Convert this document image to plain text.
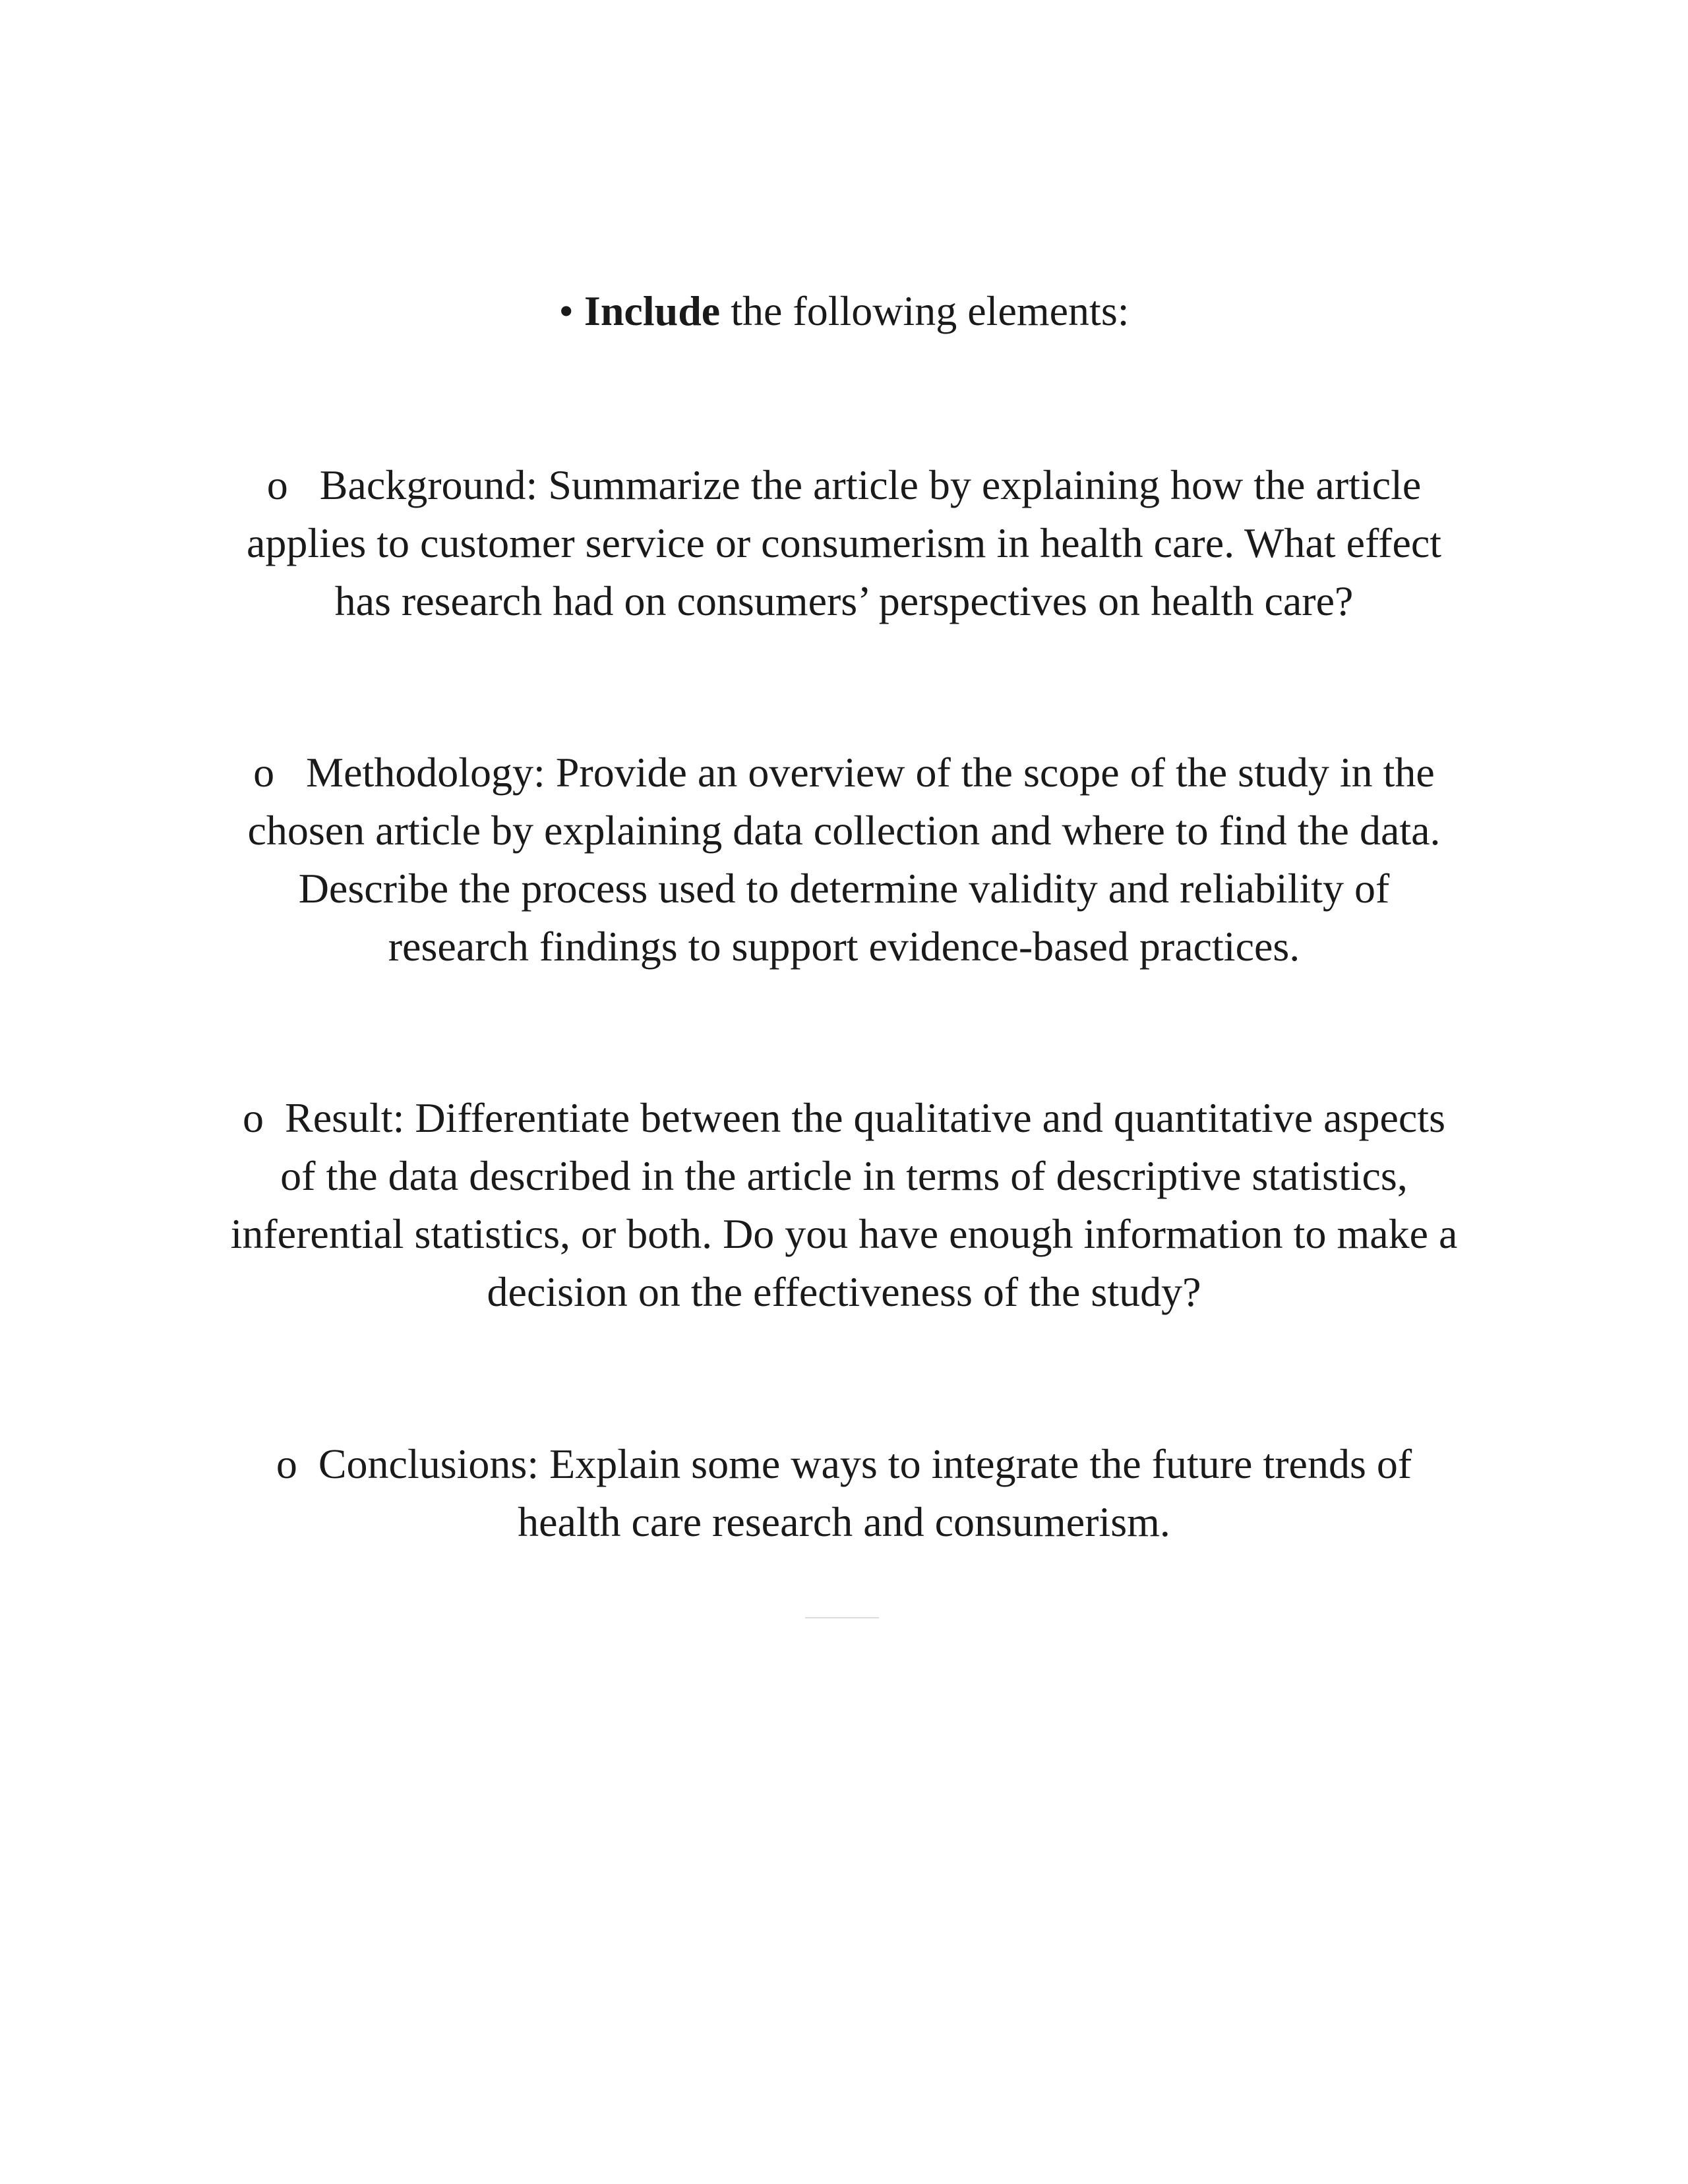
• Include the following elements:
o Background: Summarize the article by explaining how the article
applies to customer service or consumerism in health care. What effect
has research had on consumers’ perspectives on health care?
o Methodology: Provide an overview of the scope of the study in the
chosen article by explaining data collection and where to find the data.
Describe the process used to determine validity and reliability of
research findings to support evidence-based practices.
o Result: Differentiate between the qualitative and quantitative aspects
of the data described in the article in terms of descriptive statistics,
inferential statistics, or both. Do you have enough information to make a
decision on the effectiveness of the study?
o Conclusions: Explain some ways to integrate the future trends of
health care research and consumerism.
